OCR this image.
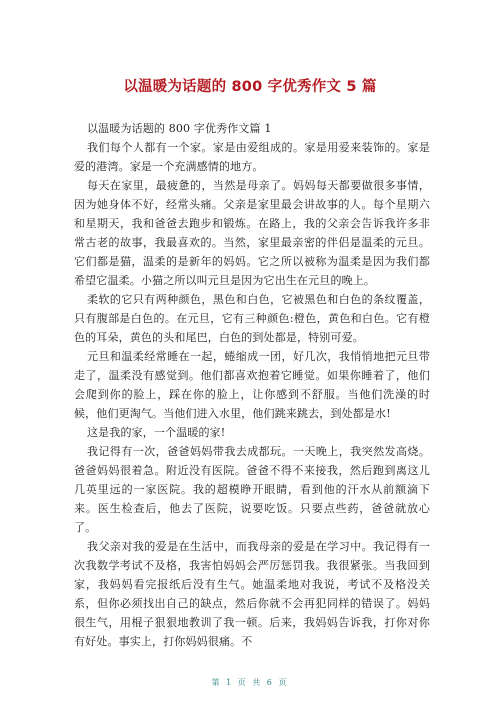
以温暖为话题的 800 字优秀作文 5 篇

以温暖为话题的 800 字优秀作文篇 1

我们每个人都有一个家。家是由爱组成的。家是用爱来装饰的。家是爱的港湾。家是一个充满感情的地方。

每天在家里，最疲惫的，当然是母亲了。妈妈每天都要做很多事情，因为她身体不好，经常头痛。父亲是家里最会讲故事的人。每个星期六和星期天，我和爸爸去跑步和锻炼。在路上，我的父亲会告诉我许多非常古老的故事，我最喜欢的。当然，家里最亲密的伴侣是温柔的元旦。它们都是猫，温柔的是新年的妈妈。它之所以被称为温柔是因为我们都希望它温柔。小猫之所以叫元旦是因为它出生在元旦的晚上。

柔软的它只有两种颜色，黑色和白色，它被黑色和白色的条纹覆盖，只有腹部是白色的。在元旦，它有三种颜色:橙色，黄色和白色。它有橙色的耳朵，黄色的头和尾巴，白色的到处都是，特别可爱。

元旦和温柔经常睡在一起，蜷缩成一团，好几次，我悄悄地把元旦带走了，温柔没有感觉到。他们都喜欢抱着它睡觉。如果你睡着了，他们会爬到你的脸上，踩在你的脸上，让你感到不舒服。当他们洗澡的时候，他们更淘气。当他们进入水里，他们跳来跳去，到处都是水!

这是我的家，一个温暖的家!

我记得有一次，爸爸妈妈带我去成都玩。一天晚上，我突然发高烧。爸爸妈妈很着急。附近没有医院。爸爸不得不来接我，然后跑到离这儿几英里远的一家医院。我的超模睁开眼睛，看到他的汗水从前额滴下来。医生检查后，他去了医院，说要吃饭。只要点些药，爸爸就放心了。

我父亲对我的爱是在生活中，而我母亲的爱是在学习中。我记得有一次我数学考试不及格，我害怕妈妈会严厉惩罚我。我很紧张。当我回到家，我妈妈看完报纸后没有生气。她温柔地对我说，考试不及格没关系，但你必须找出自己的缺点，然后你就不会再犯同样的错误了。妈妈很生气，用棍子狠狠地教训了我一顿。后来，我妈妈告诉我，打你对你有好处。事实上，打你妈妈很痛。不

第 1 页 共 6 页
